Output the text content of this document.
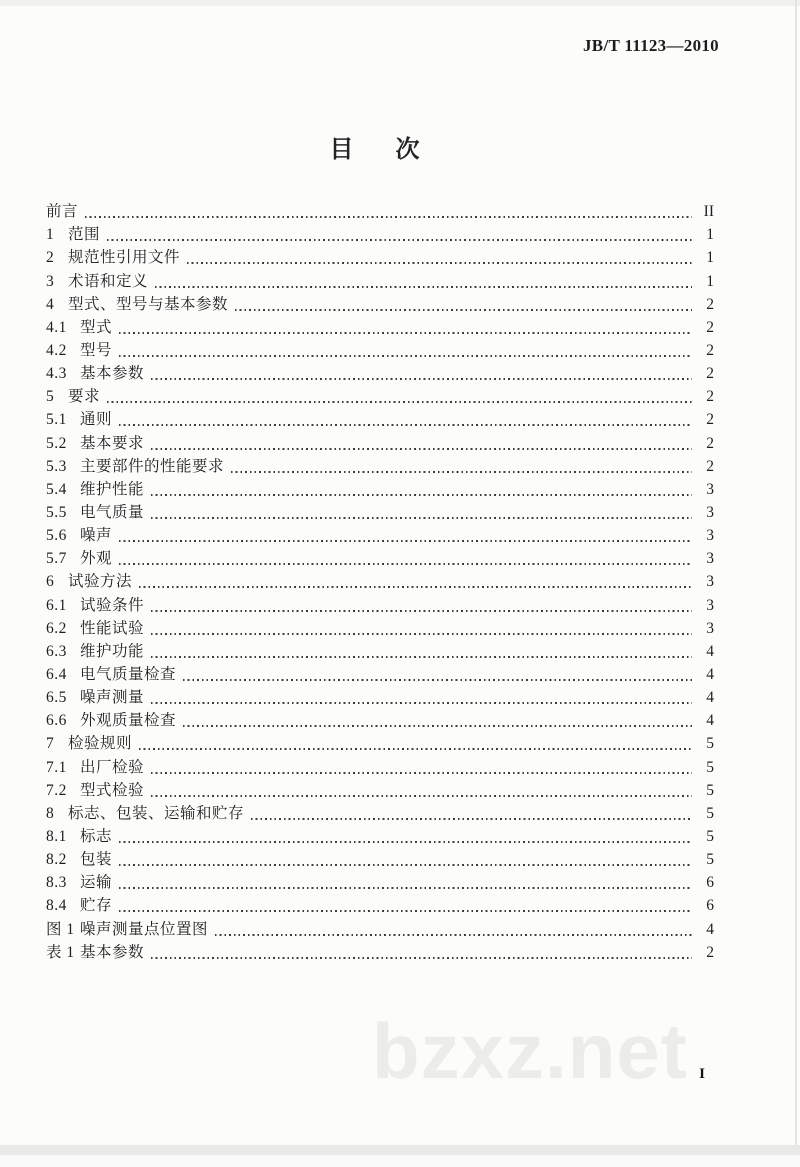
JB/T 11123—2010
目　次
前言	II
1 范围	1
2 规范性引用文件	1
3 术语和定义	1
4 型式、型号与基本参数	2
4.1 型式	2
4.2 型号	2
4.3 基本参数	2
5 要求	2
5.1 通则	2
5.2 基本要求	2
5.3 主要部件的性能要求	2
5.4 维护性能	3
5.5 电气质量	3
5.6 噪声	3
5.7 外观	3
6 试验方法	3
6.1 试验条件	3
6.2 性能试验	3
6.3 维护功能	4
6.4 电气质量检查	4
6.5 噪声测量	4
6.6 外观质量检查	4
7 检验规则	5
7.1 出厂检验	5
7.2 型式检验	5
8 标志、包装、运输和贮存	5
8.1 标志	5
8.2 包装	5
8.3 运输	6
8.4 贮存	6
图 1 噪声测量点位置图	4
表 1 基本参数	2
bzxz.net I
